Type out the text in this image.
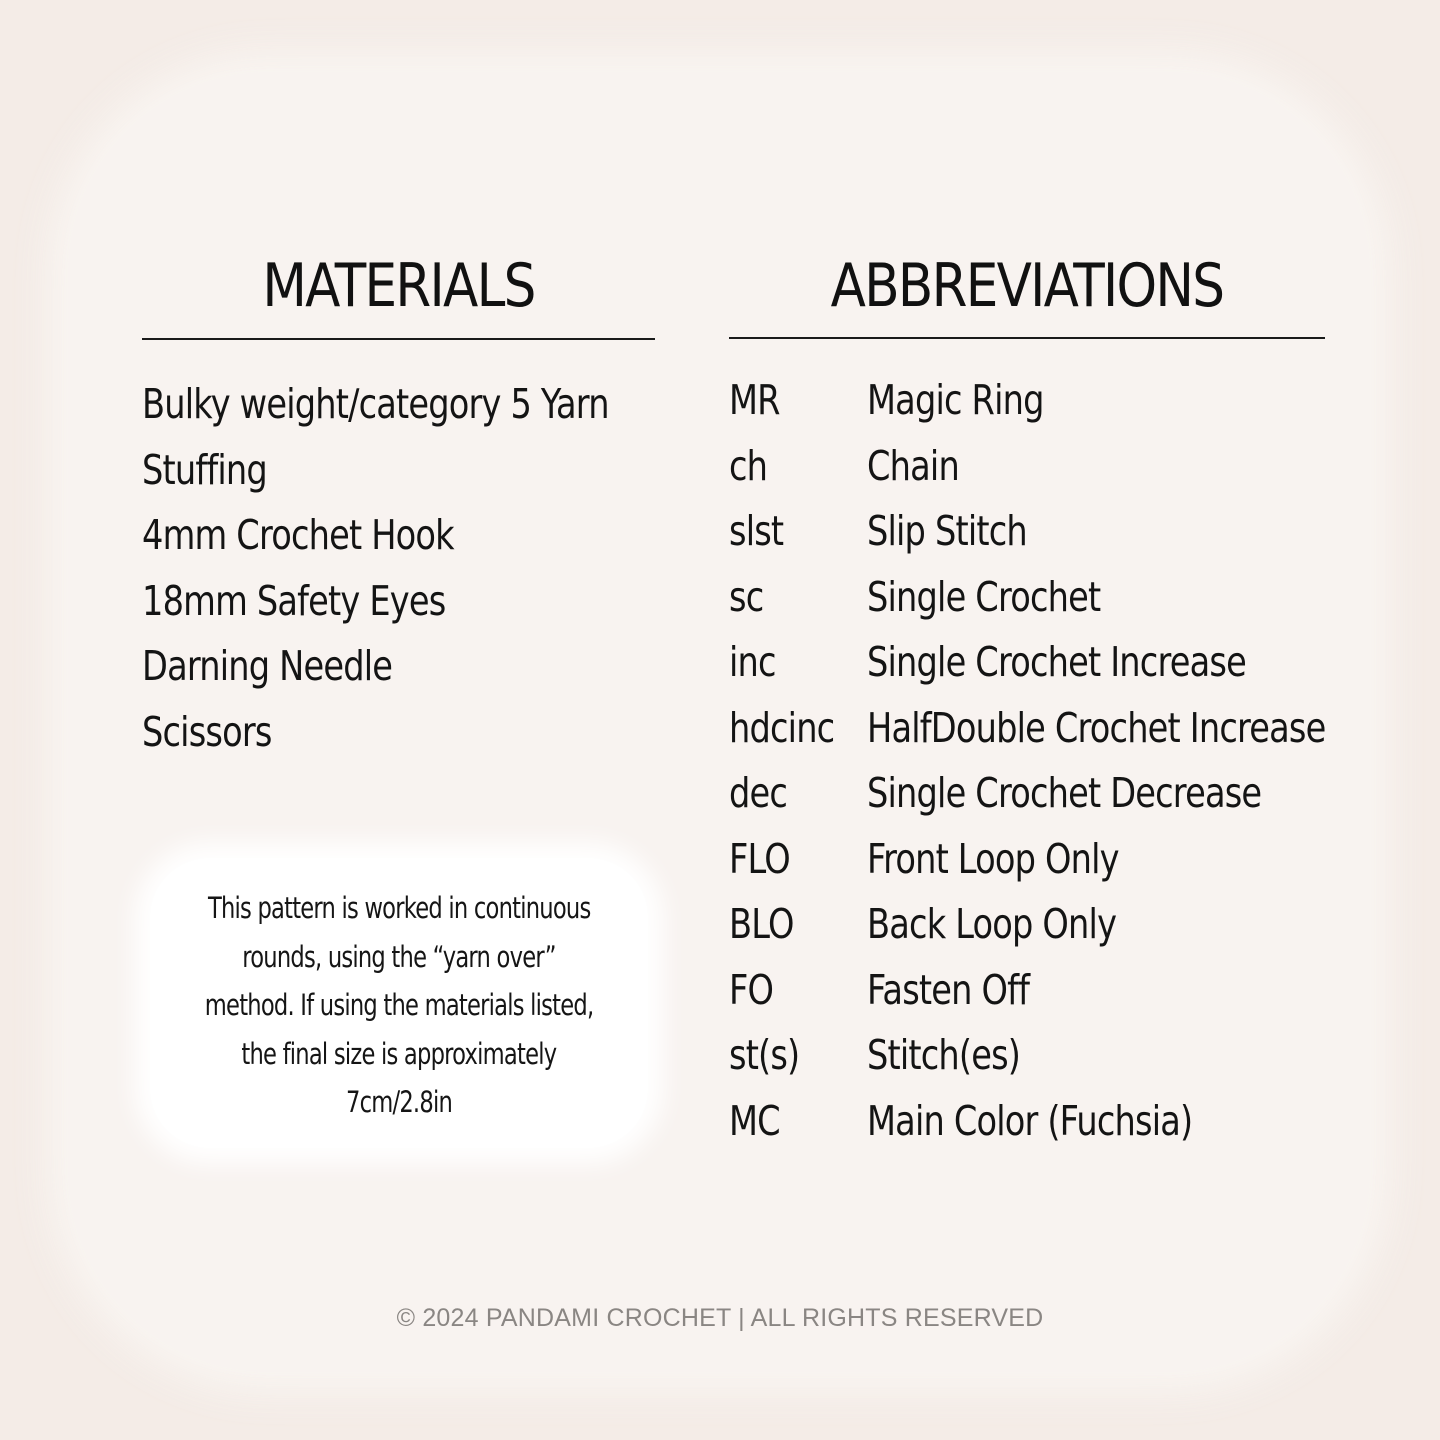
MATERIALS
Bulky weight/category 5 Yarn
Stuffing
4mm Crochet Hook
18mm Safety Eyes
Darning Needle
Scissors

This pattern is worked in continuous
rounds, using the “yarn over”
method. If using the materials listed,
the final size is approximately
7cm/2.8in

ABBREVIATIONS
MR Magic Ring
ch Chain
slst Slip Stitch
sc	Single Crochet
inc Single Crochet Increase
hdcinc HalfDouble Crochet Increase
dec Single Crochet Decrease
FLO Front Loop Only
BLO Back Loop Only
FO Fasten Off
st(s) Stitch(es)
MC Main Color (Fuchsia)
© 2024 PANDAMI CROCHET | ALL RIGHTS RESERVED
